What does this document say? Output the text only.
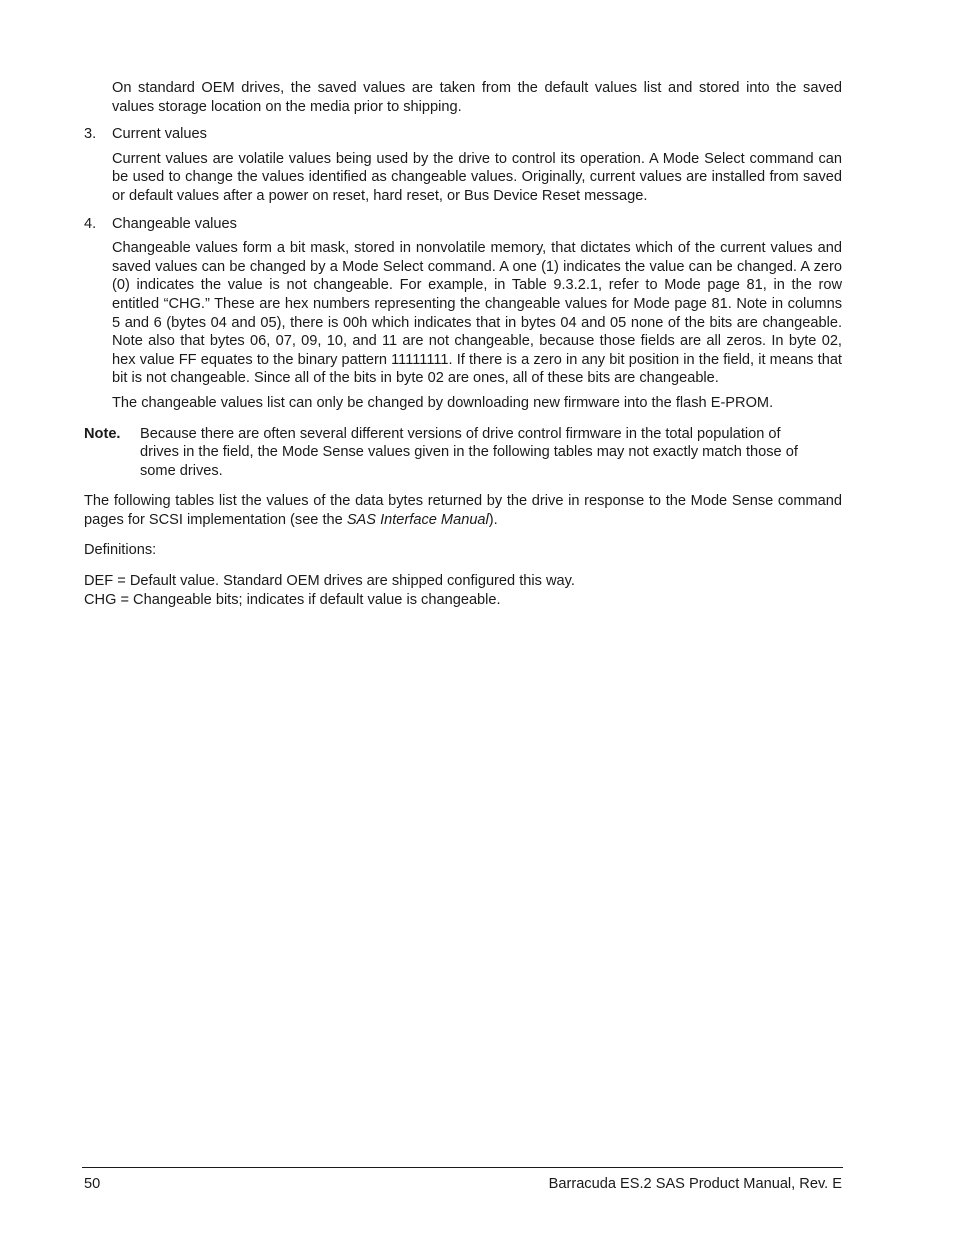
On standard OEM drives, the saved values are taken from the default values list and stored into the saved values storage location on the media prior to shipping.

3.	Current values

Current values are volatile values being used by the drive to control its operation. A Mode Select command can be used to change the values identified as changeable values. Originally, current values are installed from saved or default values after a power on reset, hard reset, or Bus Device Reset message.

4.	Changeable values

Changeable values form a bit mask, stored in nonvolatile memory, that dictates which of the current values and saved values can be changed by a Mode Select command. A one (1) indicates the value can be changed. A zero (0) indicates the value is not changeable. For example, in Table 9.3.2.1, refer to Mode page 81, in the row entitled “CHG.” These are hex numbers representing the changeable values for Mode page 81. Note in columns 5 and 6 (bytes 04 and 05), there is 00h which indicates that in bytes 04 and 05 none of the bits are changeable. Note also that bytes 06, 07, 09, 10, and 11 are not changeable, because those fields are all zeros. In byte 02, hex value FF equates to the binary pattern 11111111. If there is a zero in any bit position in the field, it means that bit is not changeable. Since all of the bits in byte 02 are ones, all of these bits are changeable.

The changeable values list can only be changed by downloading new firmware into the flash E-PROM.

Note.	Because there are often several different versions of drive control firmware in the total population of drives in the field, the Mode Sense values given in the following tables may not exactly match those of some drives.

The following tables list the values of the data bytes returned by the drive in response to the Mode Sense command pages for SCSI implementation (see the SAS Interface Manual).

Definitions:

DEF = Default value. Standard OEM drives are shipped configured this way.

CHG = Changeable bits; indicates if default value is changeable.

50	Barracuda ES.2 SAS Product Manual, Rev. E
